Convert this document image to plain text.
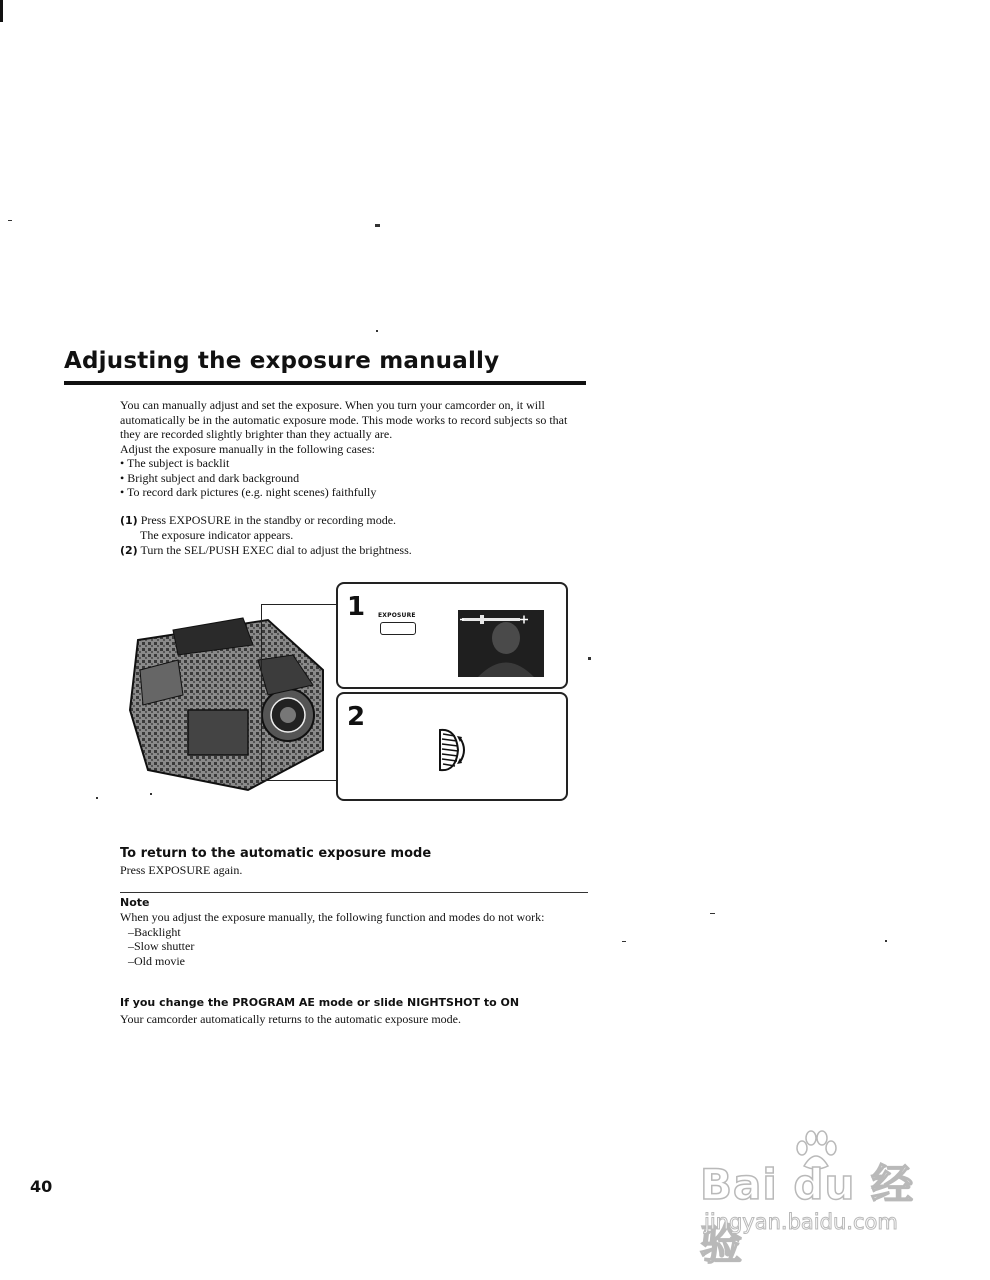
Adjusting the exposure manually

You can manually adjust and set the exposure. When you turn your camcorder on, it will automatically be in the automatic exposure mode. This mode works to record subjects so that they are recorded slightly brighter than they actually are.

Adjust the exposure manually in the following cases:

• The subject is backlit
• Bright subject and dark background
• To record dark pictures (e.g. night scenes) faithfully
(1) Press EXPOSURE in the standby or recording mode.
The exposure indicator appears.
(2) Turn the SEL/PUSH EXEC dial to adjust the brightness.
1 EXPOSURE
2
To return to the automatic exposure mode
Press EXPOSURE again.
Note

When you adjust the exposure manually, the following function and modes do not work:

– Backlight
– Slow shutter
– Old movie
If you change the PROGRAM AE mode or slide NIGHTSHOT to ON
Your camcorder automatically returns to the automatic exposure mode.
40	Bai du 经验
jingyan.baidu.com
